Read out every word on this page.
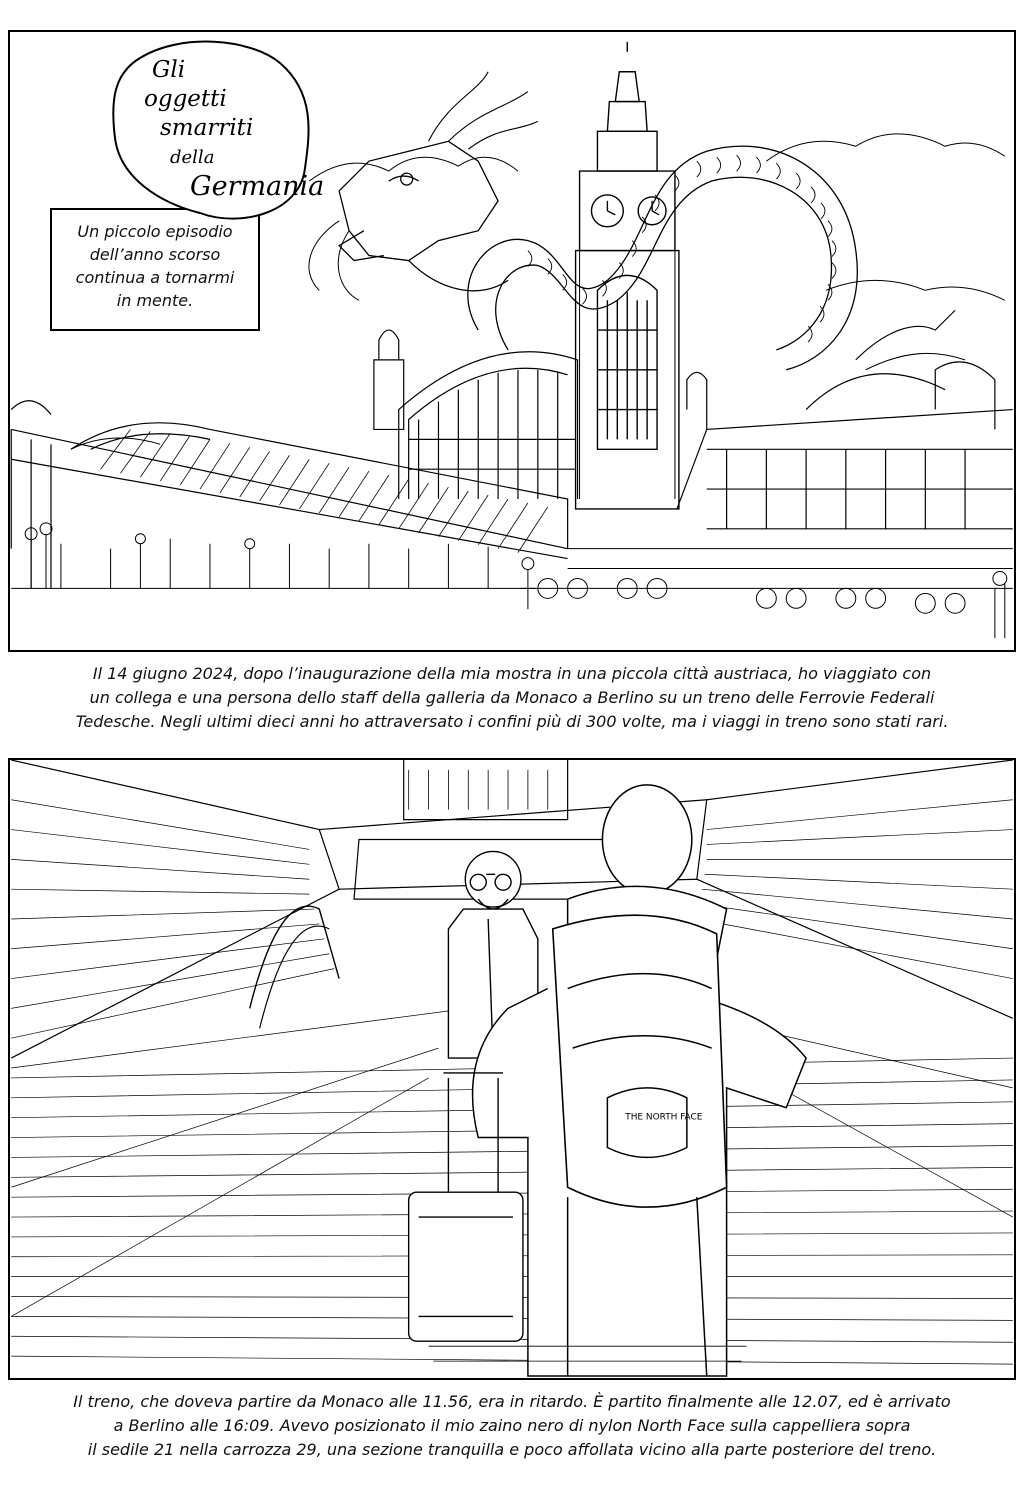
Gli
oggetti
smarriti
della
Germania
Un piccolo episodio
dell’anno scorso
continua a tornarmi
in mente.
Il 14 giugno 2024, dopo l’inaugurazione della mia mostra in una piccola città austriaca, ho viaggiato con
un collega e una persona dello staff della galleria da Monaco a Berlino su un treno delle Ferrovie Federali
Tedesche. Negli ultimi dieci anni ho attraversato i confini più di 300 volte, ma i viaggi in treno sono stati rari.
THE NORTH FACE
Il treno, che doveva partire da Monaco alle 11.56, era in ritardo. È partito finalmente alle 12.07, ed è arrivato
a Berlino alle 16:09. Avevo posizionato il mio zaino nero di nylon North Face sulla cappelliera sopra
il sedile 21 nella carrozza 29, una sezione tranquilla e poco affollata vicino alla parte posteriore del treno.
